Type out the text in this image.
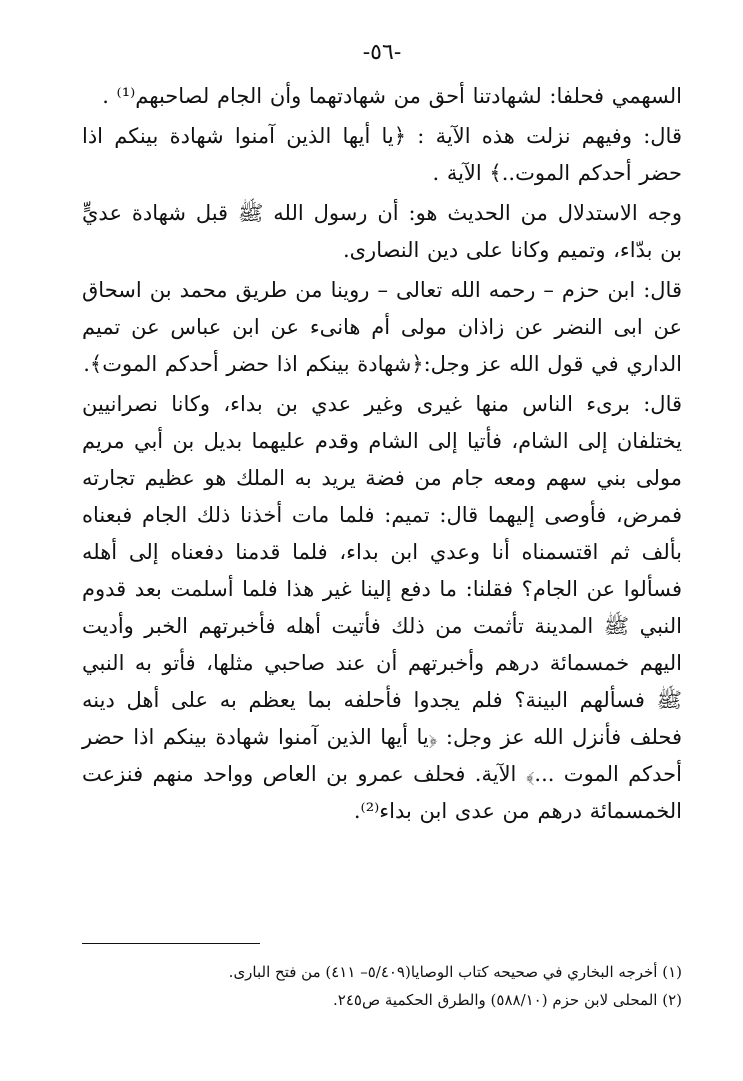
-٥٦-

السهمي فحلفا: لشهادتنا أحق من شهادتهما وأن الجام لصاحبهم⁽¹⁾ .

قال: وفيهم نزلت هذه الآية : ﴿يا أيها الذين آمنوا شهادة بينكم اذا حضر أحدكم الموت..﴾ الآية .

وجه الاستدلال من الحديث هو: أن رسول الله ﷺ قبل شهادة عديٍّ بن بدّاء، وتميم وكانا على دين النصارى.

قال: ابن حزم – رحمه الله تعالى – روينا من طريق محمد بن اسحاق عن ابى النضر عن زاذان مولى أم هانىء عن ابن عباس عن تميم الداري في قول الله عز وجل:﴿شهادة بينكم اذا حضر أحدكم الموت﴾.

قال: برىء الناس منها غيرى وغير عدي بن بداء، وكانا نصرانيين يختلفان إلى الشام، فأتيا إلى الشام وقدم عليهما بديل بن أبي مريم مولى بني سهم ومعه جام من فضة يريد به الملك هو عظيم تجارته فمرض، فأوصى إليهما قال: تميم: فلما مات أخذنا ذلك الجام فبعناه بألف ثم اقتسمناه أنا وعدي ابن بداء، فلما قدمنا دفعناه إلى أهله فسألوا عن الجام؟ فقلنا: ما دفع إلينا غير هذا فلما أسلمت بعد قدوم النبي ﷺ المدينة تأثمت من ذلك فأتيت أهله فأخبرتهم الخبر وأديت اليهم خمسمائة درهم وأخبرتهم أن عند صاحبي مثلها، فأتو به النبي ﷺ فسألهم البينة؟ فلم يجدوا فأحلفه بما يعظم به على أهل دينه فحلف فأنزل الله عز وجل: ﴿يا أيها الذين آمنوا شهادة بينكم اذا حضر أحدكم الموت ...﴾ الآية. فحلف عمرو بن العاص وواحد منهم فنزعت الخمسمائة درهم من عدى ابن بداء⁽²⁾.

(١) أخرجه البخاري في صحيحه كتاب الوصايا(٥/٤٠٩– ٤١١) من فتح البارى.
(٢) المحلى لابن حزم (٥٨٨/١٠) والطرق الحكمية ص٢٤٥.
